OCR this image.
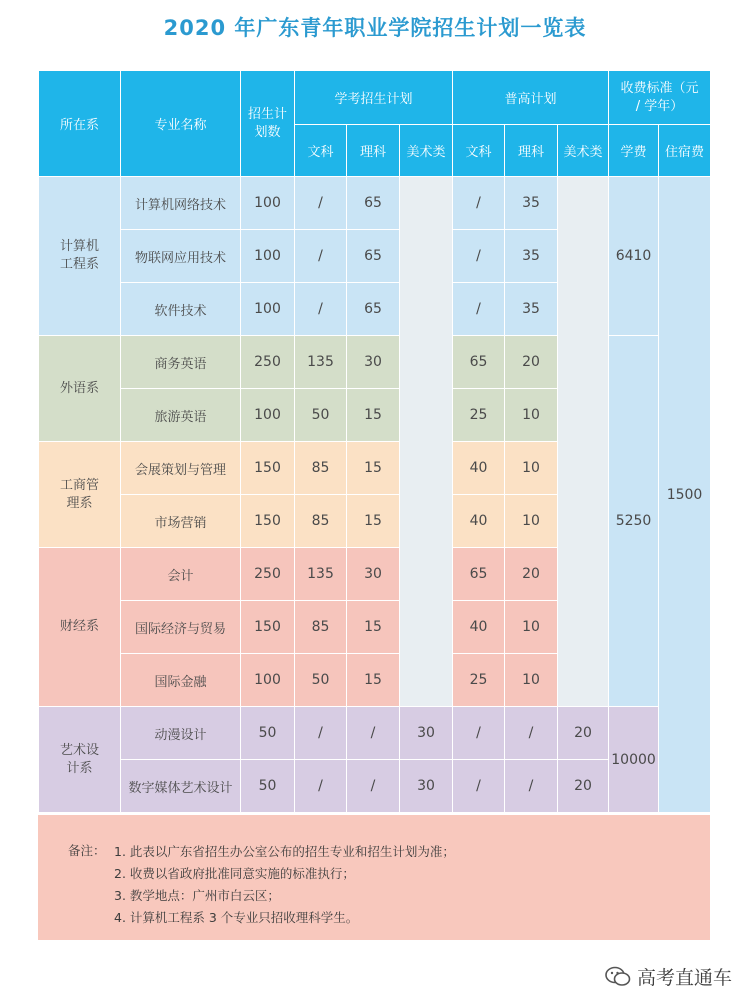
2020 年广东青年职业学院招生计划一览表
所在系	专业名称	招生计划数	学考招生计划			普高计划			收费标准（元 / 学年）	
			文科	理科	美术类	文科	理科	美术类	学费	住宿费
计算机工程系	计算机网络技术	100	/	65		/	35		6410	1500
	物联网应用技术	100	/	65		/	35			
	软件技术	100	/	65		/	35			
外语系	商务英语	250	135	30		65	20		5250	
	旅游英语	100	50	15		25	10			
工商管理系	会展策划与管理	150	85	15		40	10			
	市场营销	150	85	15		40	10			
财经系	会计	250	135	30		65	20			
	国际经济与贸易	150	85	15		40	10			
	国际金融	100	50	15		25	10			
艺术设计系	动漫设计	50	/	/	30	/	/	20	10000	
	数字媒体艺术设计	50	/	/	30	/	/	20		
备注： 1. 此表以广东省招生办公室公布的招生专业和招生计划为准；
2. 收费以省政府批准同意实施的标准执行；
3. 教学地点：广州市白云区；
4. 计算机工程系 3 个专业只招收理科学生。
高考直通车
